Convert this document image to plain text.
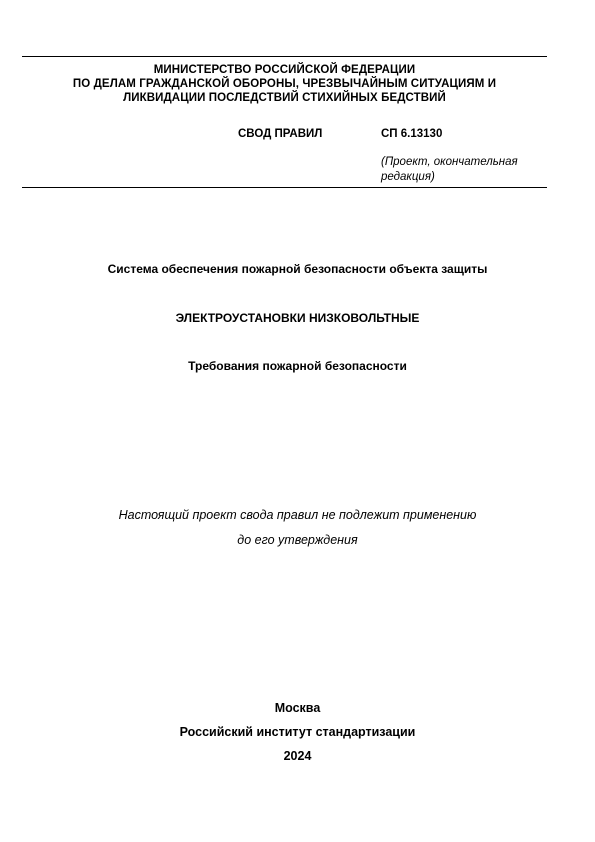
МИНИСТЕРСТВО РОССИЙСКОЙ ФЕДЕРАЦИИ
ПО ДЕЛАМ ГРАЖДАНСКОЙ ОБОРОНЫ, ЧРЕЗВЫЧАЙНЫМ СИТУАЦИЯМ И
ЛИКВИДАЦИИ ПОСЛЕДСТВИЙ СТИХИЙНЫХ БЕДСТВИЙ
СВОД ПРАВИЛ	СП 6.13130
(Проект, окончательная редакция)
Система обеспечения пожарной безопасности объекта защиты
ЭЛЕКТРОУСТАНОВКИ НИЗКОВОЛЬТНЫЕ
Требования пожарной безопасности
Настоящий проект свода правил не подлежит применению
до его утверждения
Москва
Российский институт стандартизации
2024
